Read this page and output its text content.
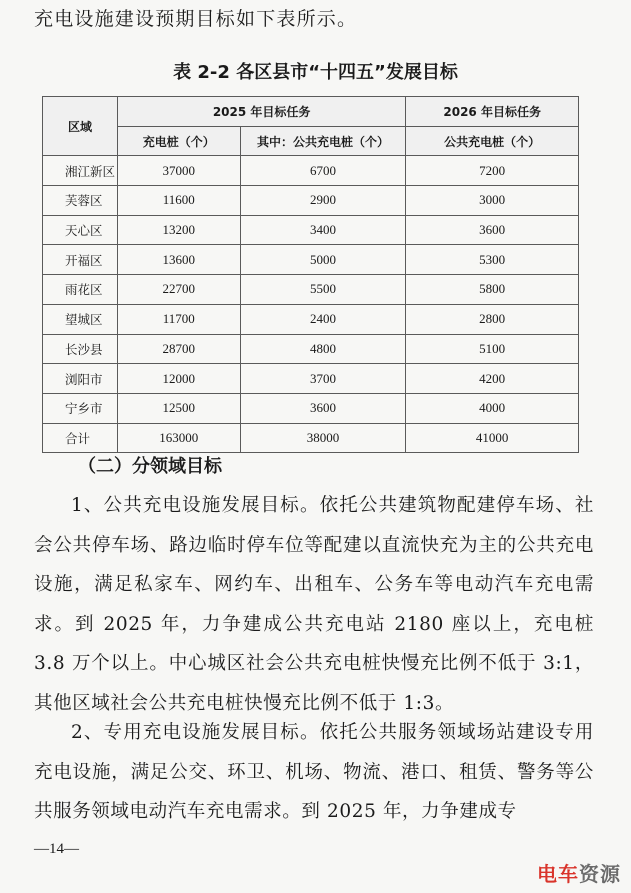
充电设施建设预期目标如下表所示。
表 2-2 各区县市“十四五”发展目标
区域	2025 年目标任务		2026 年目标任务
	充电桩（个）	其中：公共充电桩（个）	公共充电桩（个）
湘江新区	37000	6700	7200
芙蓉区	11600	2900	3000
天心区	13200	3400	3600
开福区	13600	5000	5300
雨花区	22700	5500	5800
望城区	11700	2400	2800
长沙县	28700	4800	5100
浏阳市	12000	3700	4200
宁乡市	12500	3600	4000
合计	163000	38000	41000
（二）分领域目标

1、公共充电设施发展目标。依托公共建筑物配建停车场、社会公共停车场、路边临时停车位等配建以直流快充为主的公共充电设施，满足私家车、网约车、出租车、公务车等电动汽车充电需求。到 2025 年，力争建成公共充电站 2180 座以上，充电桩 3.8 万个以上。中心城区社会公共充电桩快慢充比例不低于 3:1，其他区域社会公共充电桩快慢充比例不低于 1:3。

2、专用充电设施发展目标。依托公共服务领域场站建设专用充电设施，满足公交、环卫、机场、物流、港口、租赁、警务等公共服务领域电动汽车充电需求。到 2025 年，力争建成专

—14—
电车资源
